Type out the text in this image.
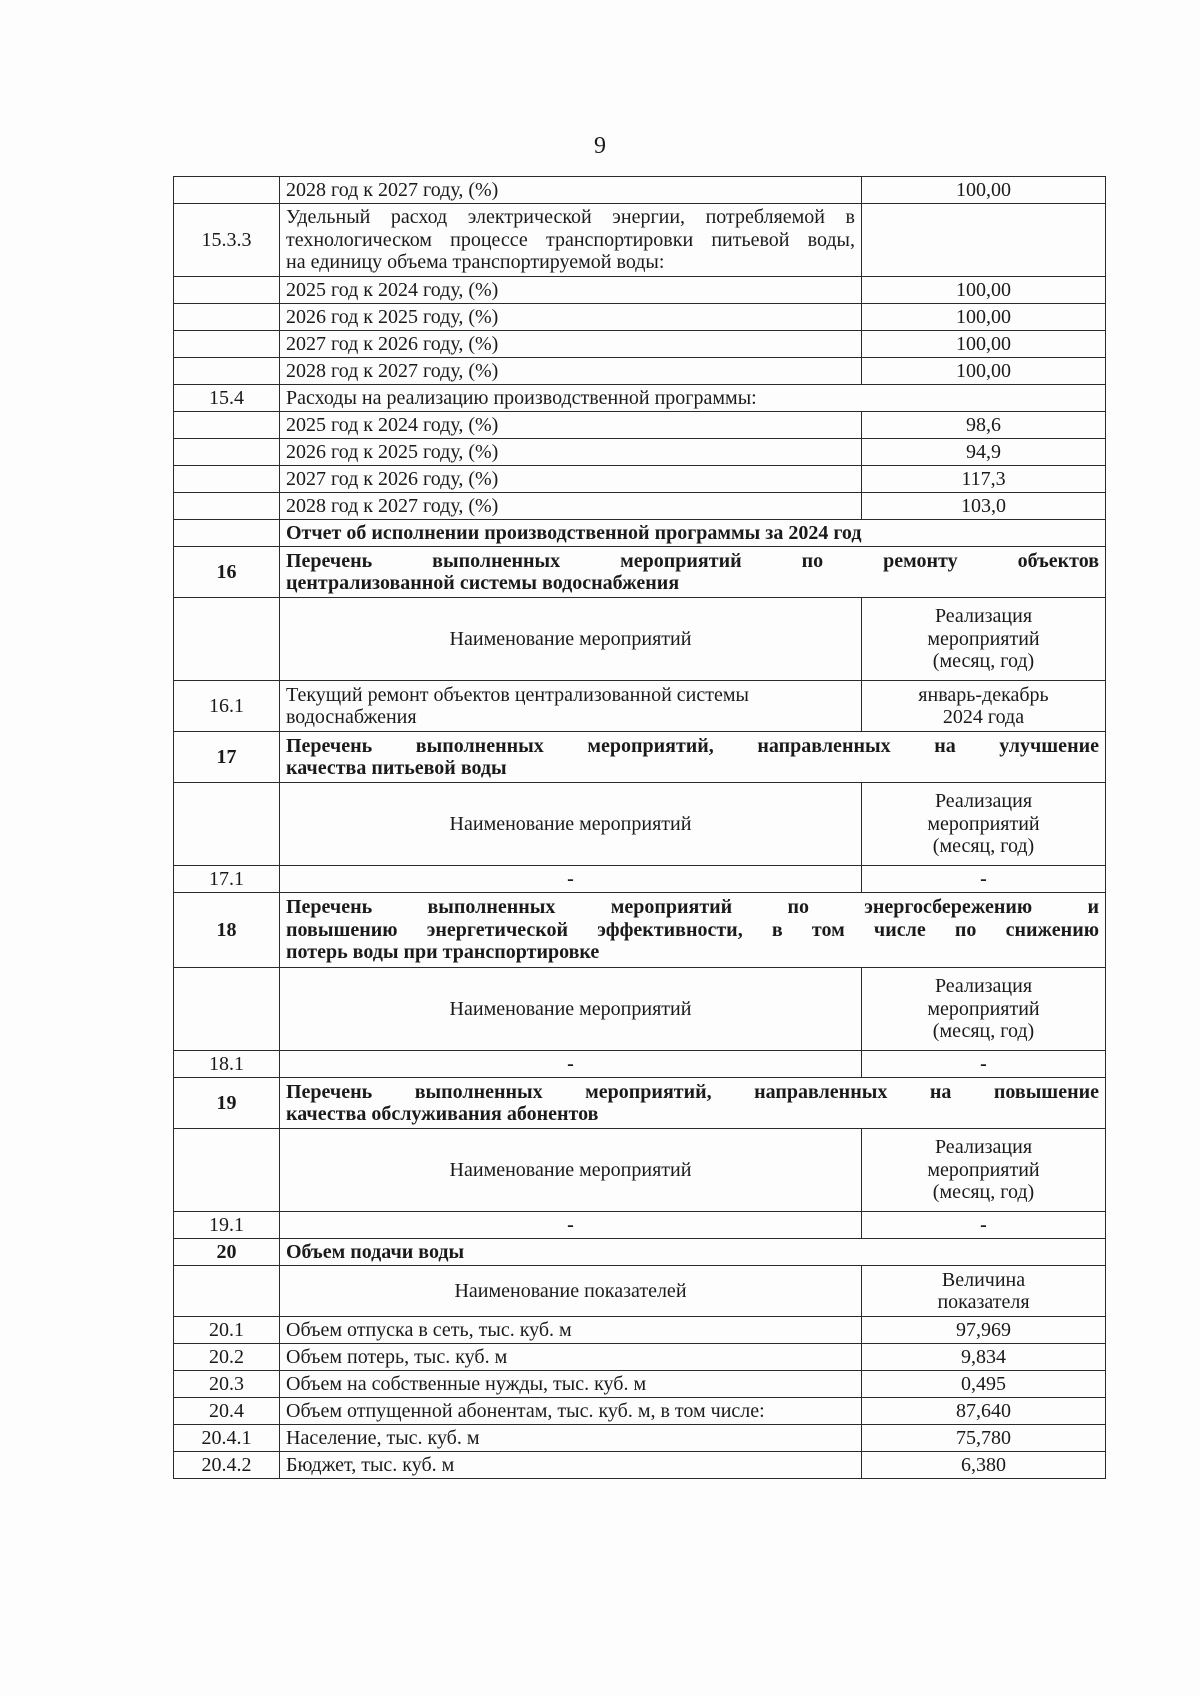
9
	2028 год к 2027 году, (%)	100,00
15.3.3	Удельный расход электрической энергии, потребляемой в
технологическом процессе транспортировки питьевой воды,
на единицу объема транспортируемой воды:	

	2025 год к 2024 году, (%)	100,00
	2026 год к 2025 году, (%)	100,00
	2027 год к 2026 году, (%)	100,00
	2028 год к 2027 году, (%)	100,00
15.4	Расходы на реализацию производственной программы:	
	2025 год к 2024 году, (%)	98,6
	2026 год к 2025 году, (%)	94,9
	2027 год к 2026 году, (%)	117,3
	2028 год к 2027 году, (%)	103,0
	Отчет об исполнении производственной программы за 2024 год	
16	Перечень выполненных мероприятий по ремонту объектов
централизованной системы водоснабжения	

	Наименование мероприятий	Реализация
мероприятий
(месяц, год)

16.1	Текущий ремонт объектов централизованной системы
водоснабжения	январь-декабрь
2024 года

17	Перечень выполненных мероприятий, направленных на улучшение
качества питьевой воды	

	Наименование мероприятий	Реализация
мероприятий
(месяц, год)

17.1	-	-
18	Перечень выполненных мероприятий по энергосбережению и
повышению энергетической эффективности, в том числе по снижению
потерь воды при транспортировке	

	Наименование мероприятий	Реализация
мероприятий
(месяц, год)

18.1	-	-
19	Перечень выполненных мероприятий, направленных на повышение
качества обслуживания абонентов	

	Наименование мероприятий	Реализация
мероприятий
(месяц, год)

19.1	-	-
20	Объем подачи воды	
	Наименование показателей	Величина
показателя

20.1	Объем отпуска в сеть, тыс. куб. м	97,969
20.2	Объем потерь, тыс. куб. м	9,834
20.3	Объем на собственные нужды, тыс. куб. м	0,495
20.4	Объем отпущенной абонентам, тыс. куб. м, в том числе:	87,640
20.4.1	Население, тыс. куб. м	75,780
20.4.2	Бюджет, тыс. куб. м	6,380
